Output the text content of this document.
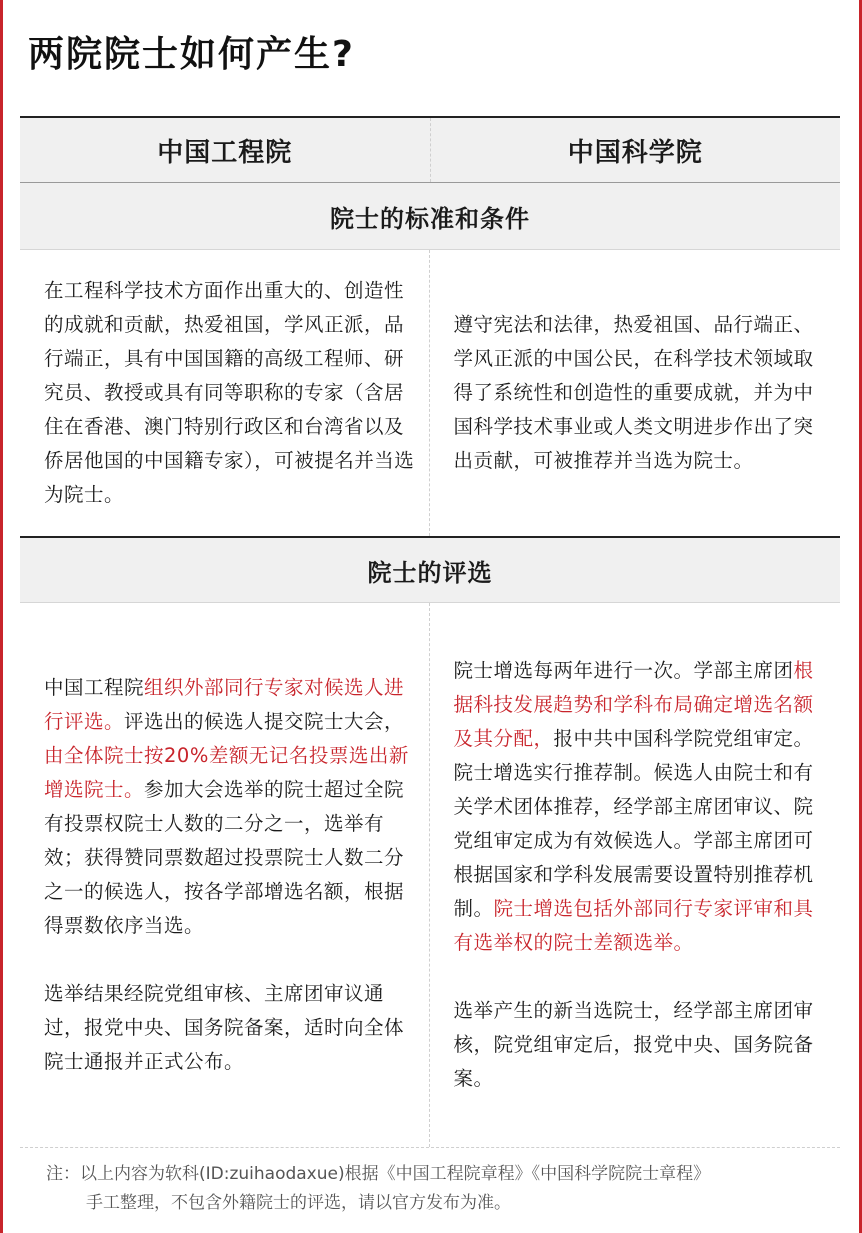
两院院士如何产生?
中国工程院	中国科学院
院士的标准和条件
在工程科学技术方面作出重大的、创造性的成就和贡献，热爱祖国，学风正派，品行端正，具有中国国籍的高级工程师、研究员、教授或具有同等职称的专家（含居住在香港、澳门特别行政区和台湾省以及侨居他国的中国籍专家），可被提名并当选为院士。
遵守宪法和法律，热爱祖国、品行端正、学风正派的中国公民，在科学技术领域取得了系统性和创造性的重要成就，并为中国科学技术事业或人类文明进步作出了突出贡献，可被推荐并当选为院士。
院士的评选
中国工程院组织外部同行专家对候选人进行评选。评选出的候选人提交院士大会，由全体院士按20%差额无记名投票选出新增选院士。参加大会选举的院士超过全院有投票权院士人数的二分之一，选举有效；获得赞同票数超过投票院士人数二分之一的候选人，按各学部增选名额，根据得票数依序当选。
选举结果经院党组审核、主席团审议通过，报党中央、国务院备案，适时向全体院士通报并正式公布。
院士增选每两年进行一次。学部主席团根据科技发展趋势和学科布局确定增选名额及其分配，报中共中国科学院党组审定。院士增选实行推荐制。候选人由院士和有关学术团体推荐，经学部主席团审议、院党组审定成为有效候选人。学部主席团可根据国家和学科发展需要设置特别推荐机制。院士增选包括外部同行专家评审和具有选举权的院士差额选举。
选举产生的新当选院士，经学部主席团审核，院党组审定后，报党中央、国务院备案。
注：以上内容为软科(ID:zuihaodaxue)根据《中国工程院章程》《中国科学院院士章程》
手工整理，不包含外籍院士的评选，请以官方发布为准。
